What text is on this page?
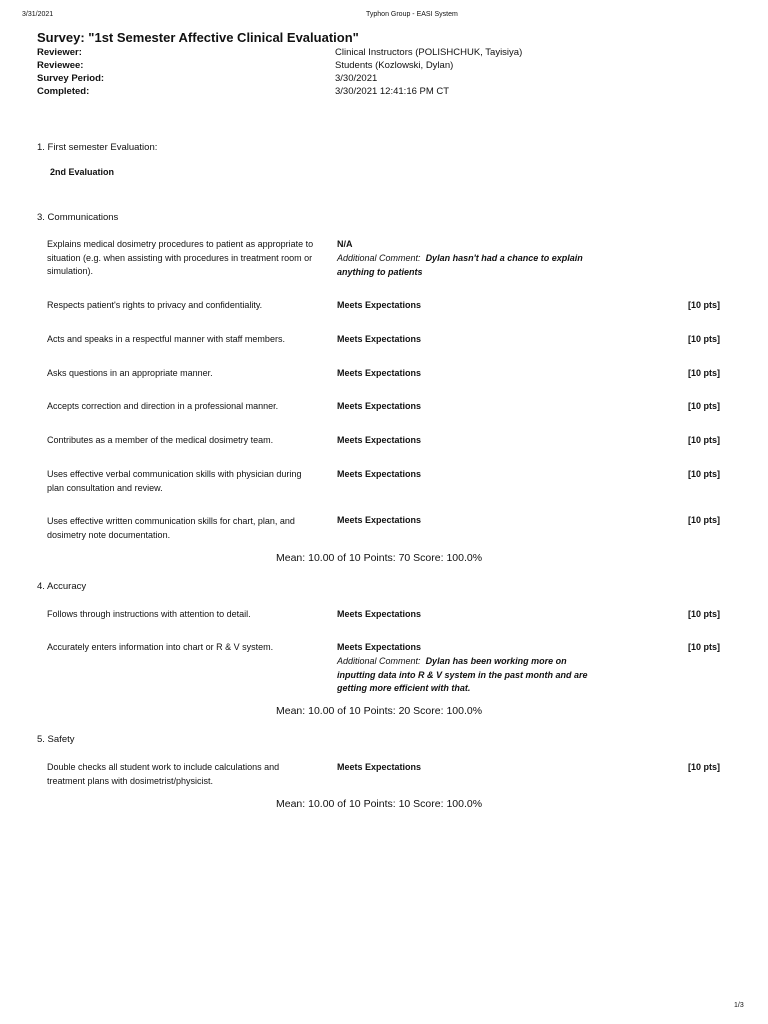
3/31/2021	Typhon Group - EASI System
Survey: "1st Semester Affective Clinical Evaluation"
Reviewer:	Clinical Instructors (POLISHCHUK, Tayisiya)
Reviewee:	Students (Kozlowski, Dylan)
Survey Period:	3/30/2021
Completed:	3/30/2021 12:41:16 PM CT
1. First semester Evaluation:
2nd Evaluation
3. Communications
Explains medical dosimetry procedures to patient as appropriate to situation (e.g. when assisting with procedures in treatment room or simulation).
N/A
Additional Comment: Dylan hasn't had a chance to explain anything to patients
Respects patient's rights to privacy and confidentiality.	Meets Expectations	[10 pts]
Acts and speaks in a respectful manner with staff members.	Meets Expectations	[10 pts]
Asks questions in an appropriate manner.	Meets Expectations	[10 pts]
Accepts correction and direction in a professional manner.	Meets Expectations	[10 pts]
Contributes as a member of the medical dosimetry team.	Meets Expectations	[10 pts]
Uses effective verbal communication skills with physician during plan consultation and review.
Meets Expectations	[10 pts]
Uses effective written communication skills for chart, plan, and dosimetry note documentation.
Meets Expectations	[10 pts]
Mean: 10.00 of 10 Points: 70 Score: 100.0%
4. Accuracy
Follows through instructions with attention to detail.	Meets Expectations	[10 pts]
Accurately enters information into chart or R & V system.	Meets Expectations	[10 pts]
Additional Comment: Dylan has been working more on inputting data into R & V system in the past month and are getting more efficient with that.
Mean: 10.00 of 10 Points: 20 Score: 100.0%
5. Safety
Double checks all student work to include calculations and treatment plans with dosimetrist/physicist.
Meets Expectations	[10 pts]
Mean: 10.00 of 10 Points: 10 Score: 100.0%
1/3
